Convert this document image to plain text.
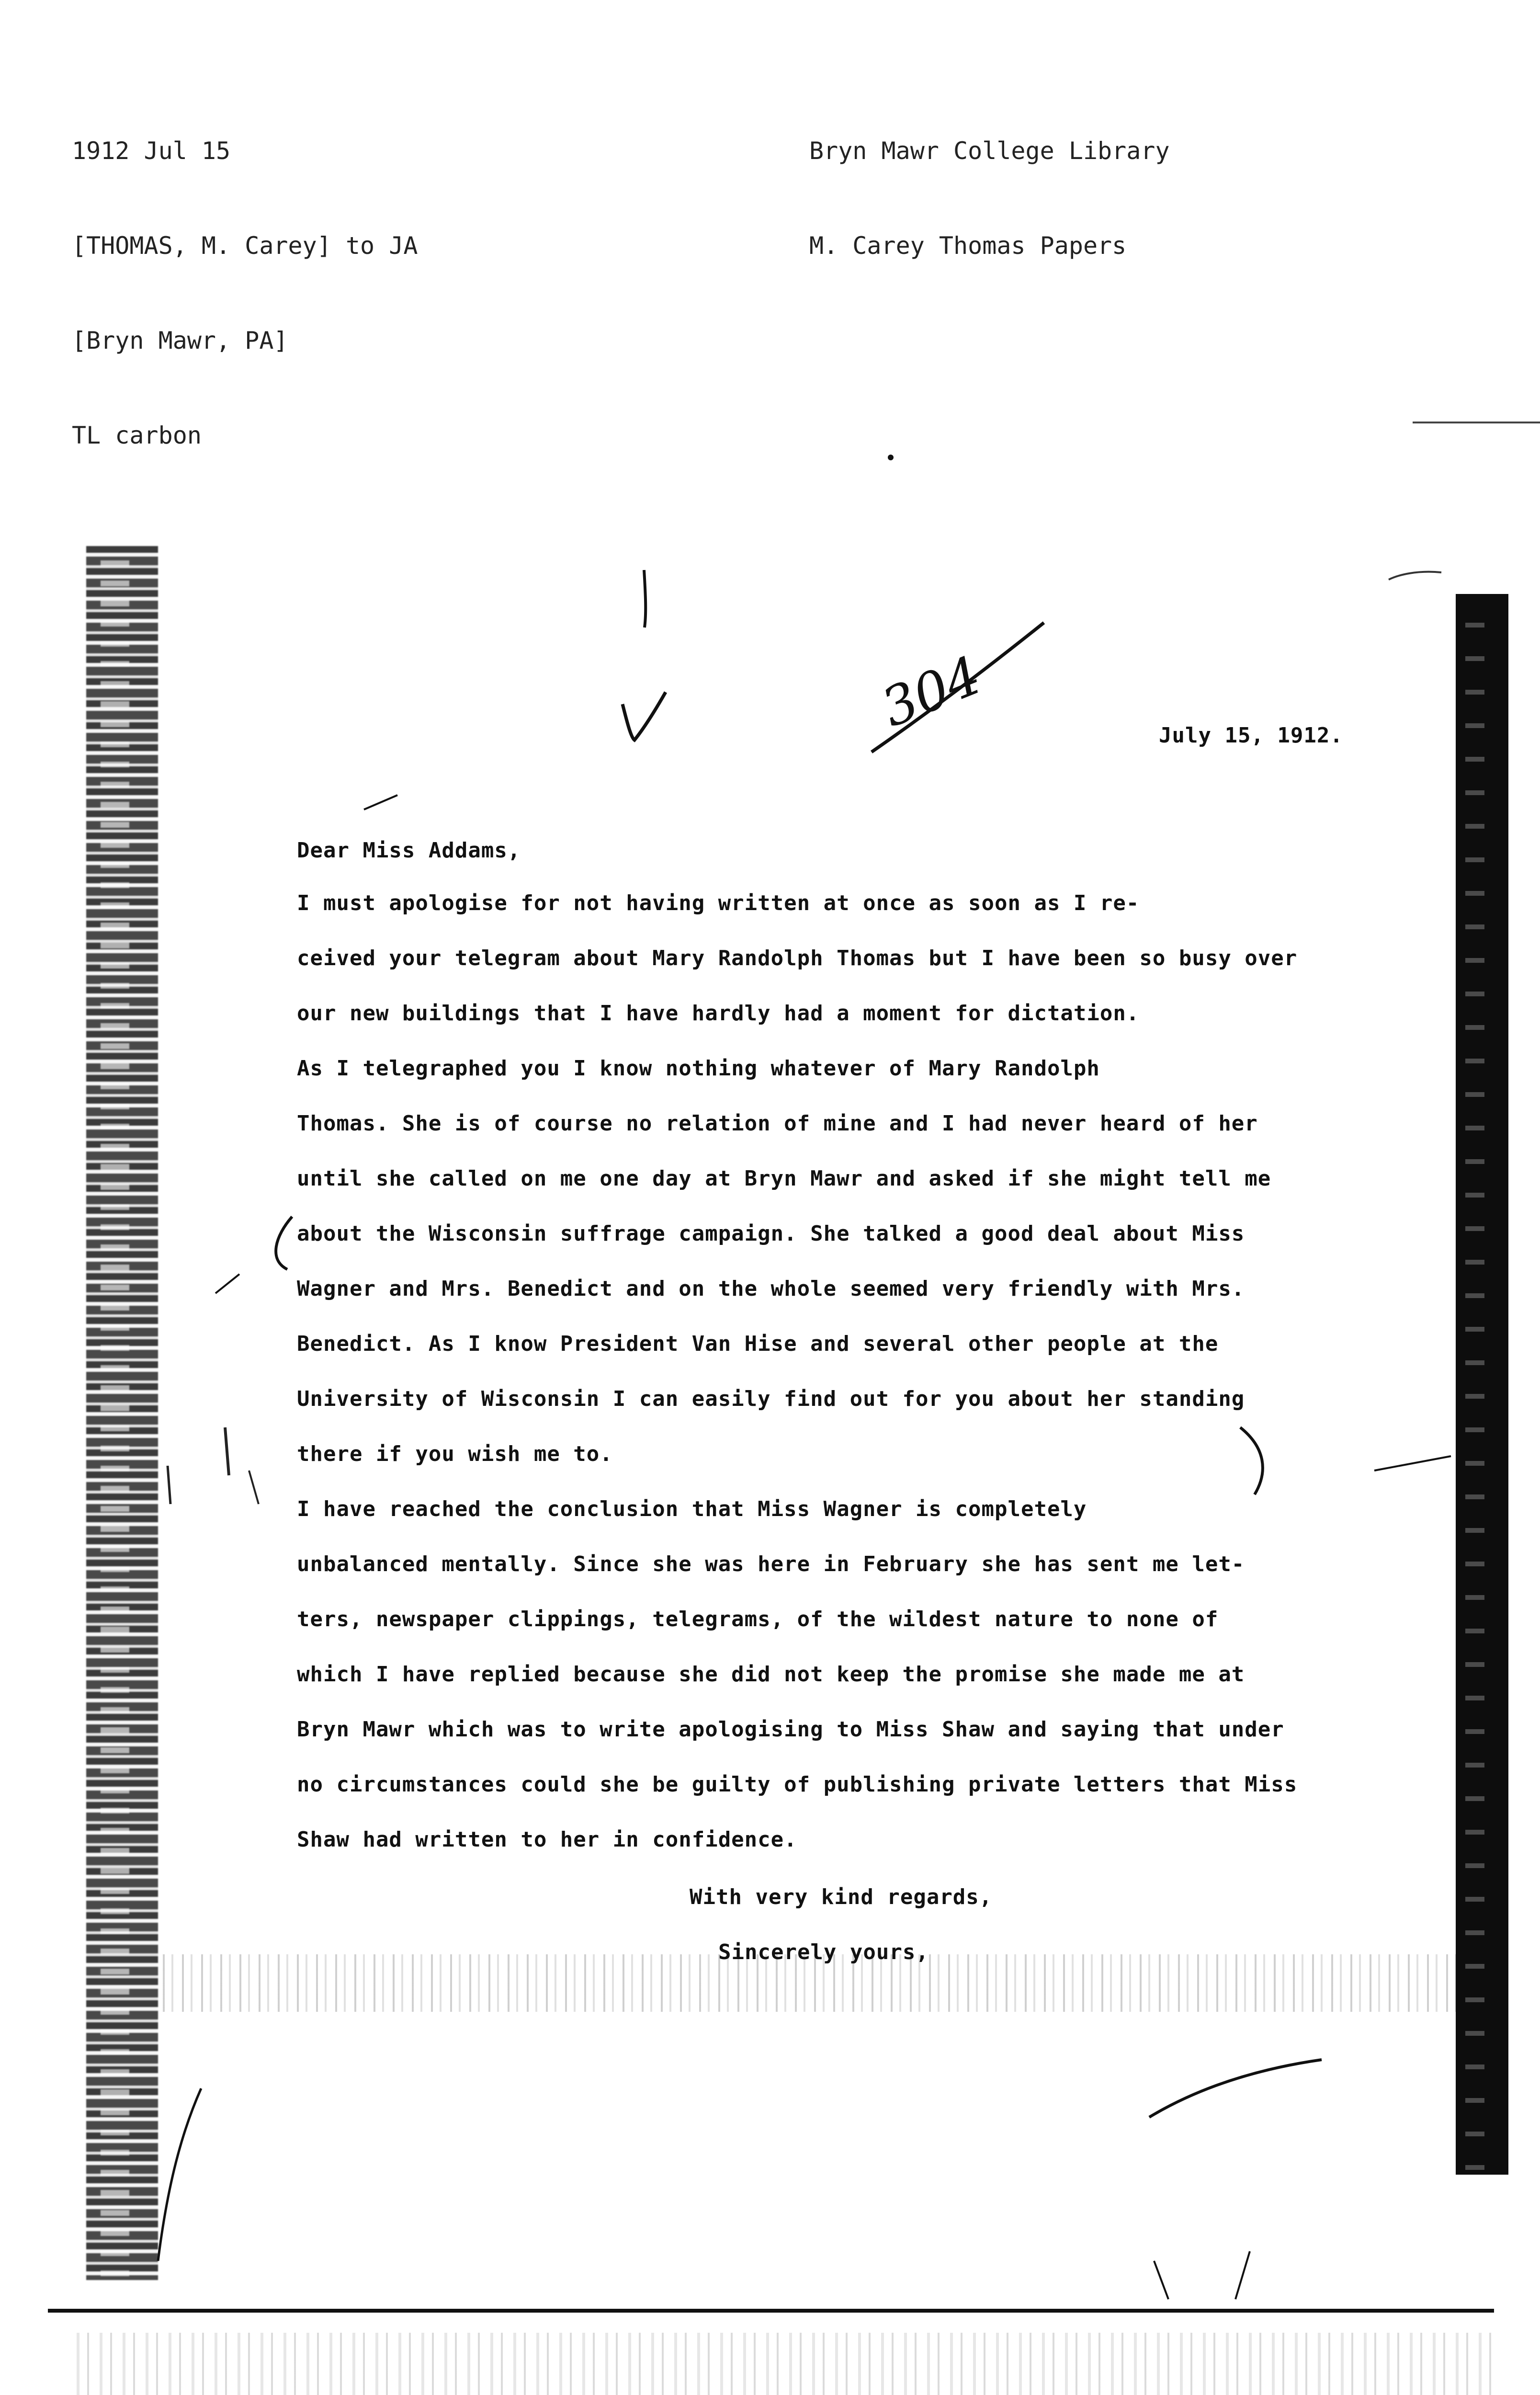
1912 Jul 15

[THOMAS, M. Carey] to JA

[Bryn Mawr, PA]

TL carbon

Bryn Mawr College Library

M. Carey Thomas Papers

304	July 15, 1912.
Dear Miss Addams,
I must apologise for not having written at once as soon as I re-
ceived your telegram about Mary Randolph Thomas but I have been so busy over
our new buildings that I have hardly had a moment for dictation.
As I telegraphed you I know nothing whatever of Mary Randolph
Thomas. She is of course no relation of mine and I had never heard of her
until she called on me one day at Bryn Mawr and asked if she might tell me
about the Wisconsin suffrage campaign. She talked a good deal about Miss
Wagner and Mrs. Benedict and on the whole seemed very friendly with Mrs.
Benedict. As I know President Van Hise and several other people at the
University of Wisconsin I can easily find out for you about her standing
there if you wish me to.
I have reached the conclusion that Miss Wagner is completely
unbalanced mentally. Since she was here in February she has sent me let-
ters, newspaper clippings, telegrams, of the wildest nature to none of
which I have replied because she did not keep the promise she made me at
Bryn Mawr which was to write apologising to Miss Shaw and saying that under
no circumstances could she be guilty of publishing private letters that Miss
Shaw had written to her in confidence.
With very kind regards,
Sincerely yours,
